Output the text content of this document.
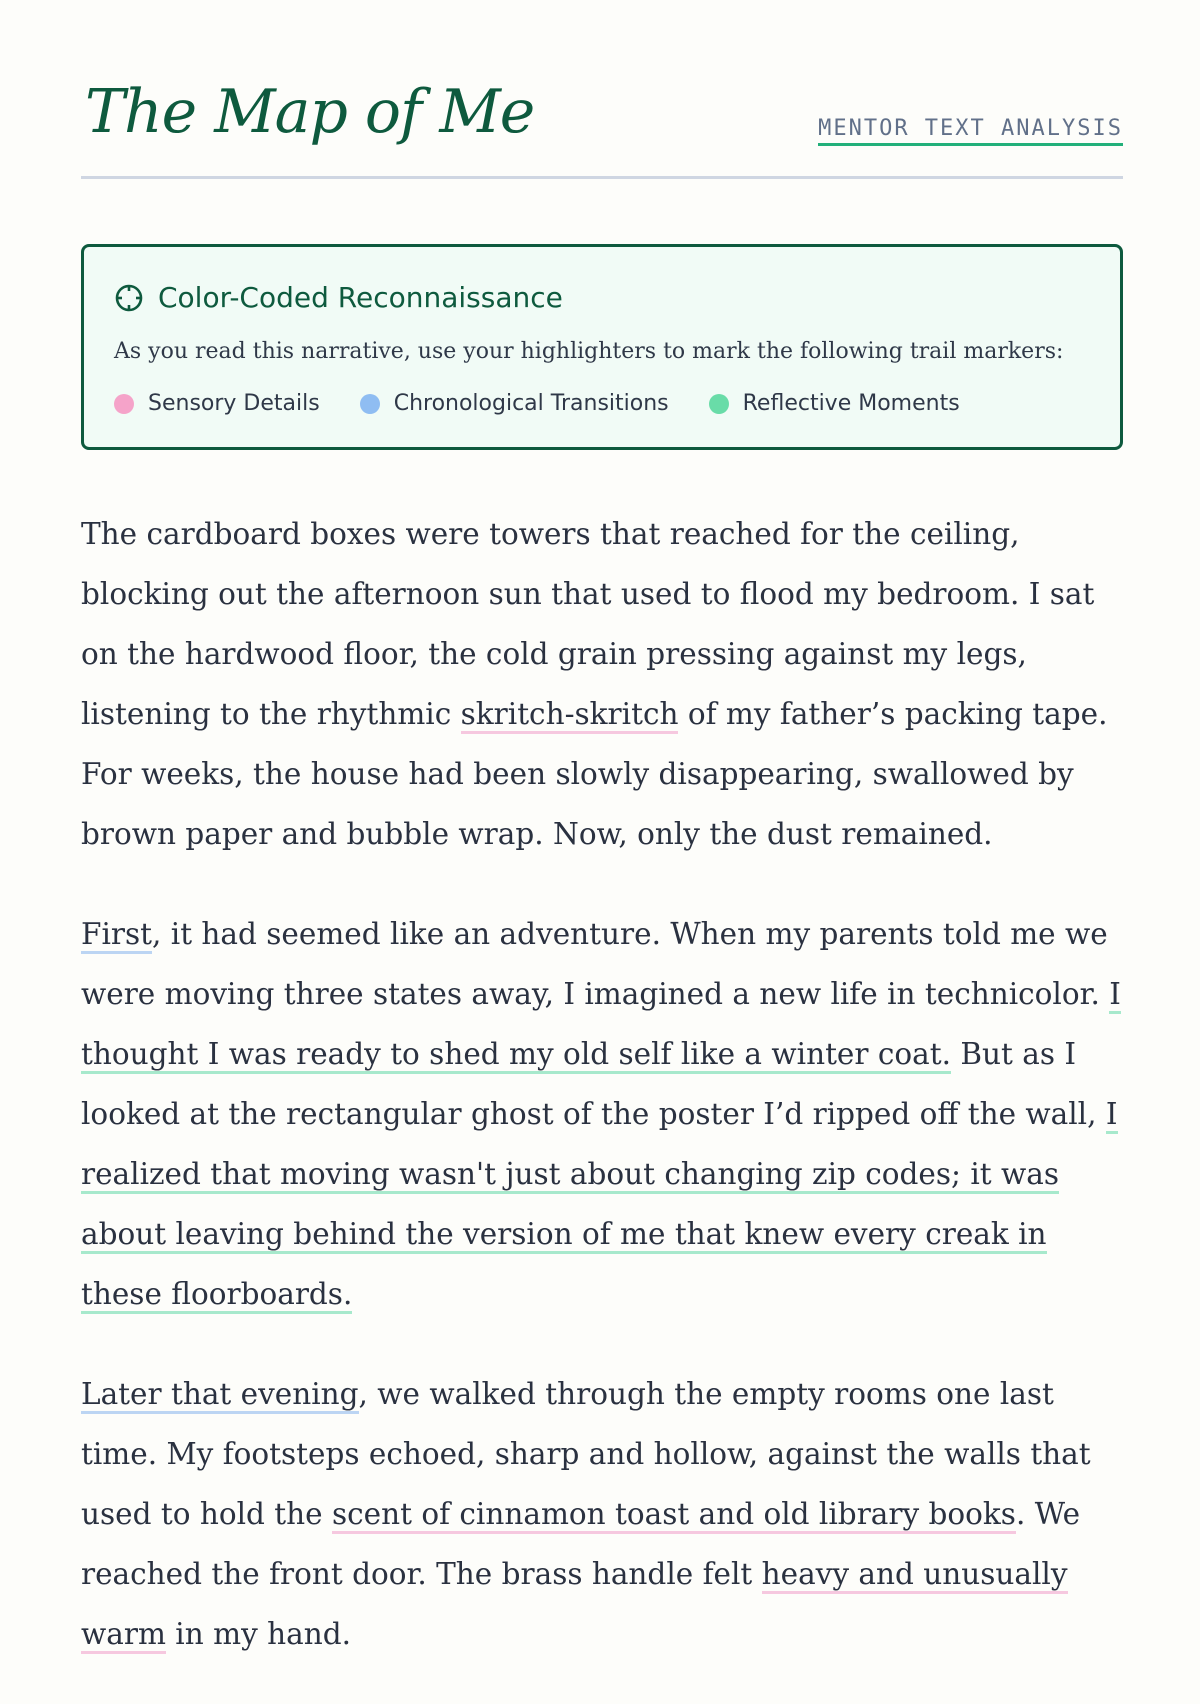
The Map of Me	MENTOR TEXT ANALYSIS
Color-Coded Reconnaissance
As you read this narrative, use your highlighters to mark the following trail markers:
Sensory Details	Chronological Transitions	Reflective Moments

The cardboard boxes were towers that reached for the ceiling, blocking out the afternoon sun that used to flood my bedroom. I sat on the hardwood floor, the cold grain pressing against my legs, listening to the rhythmic skritch-skritch of my father’s packing tape. For weeks, the house had been slowly disappearing, swallowed by brown paper and bubble wrap. Now, only the dust remained.

First, it had seemed like an adventure. When my parents told me we were moving three states away, I imagined a new life in technicolor. I thought I was ready to shed my old self like a winter coat. But as I looked at the rectangular ghost of the poster I’d ripped off the wall, I realized that moving wasn't just about changing zip codes; it was about leaving behind the version of me that knew every creak in these floorboards.

Later that evening, we walked through the empty rooms one last time. My footsteps echoed, sharp and hollow, against the walls that used to hold the scent of cinnamon toast and old library books. We reached the front door. The brass handle felt heavy and unusually warm in my hand.
